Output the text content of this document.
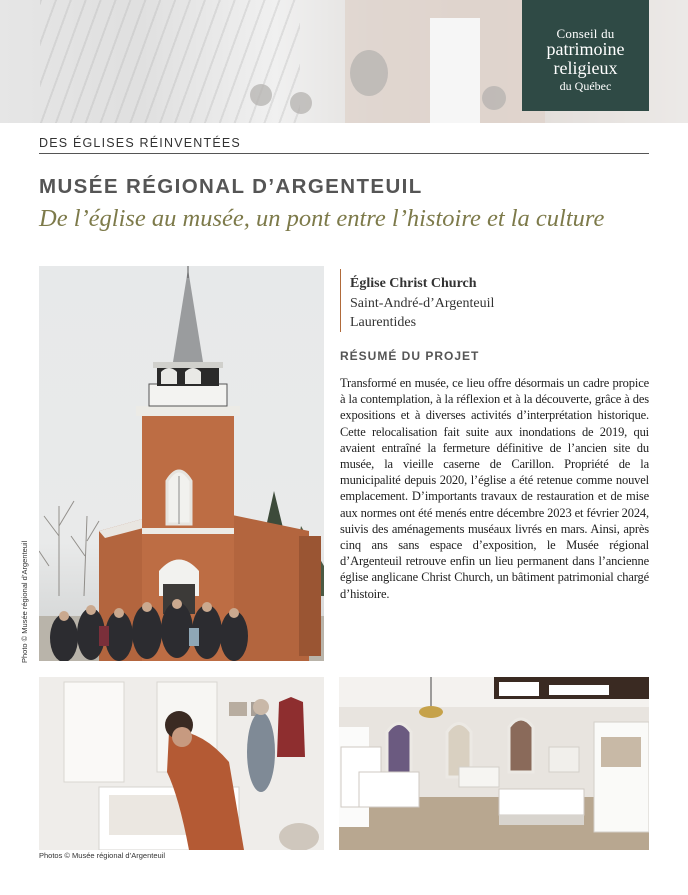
Conseil du
patrimoine
religieux
du Québec
DES ÉGLISES RÉINVENTÉES
MUSÉE RÉGIONAL D’ARGENTEUIL
De l’église au musée, un pont entre l’histoire et la culture
Photo © Musée régional d’Argenteuil
Église Christ Church
Saint-André-d’Argenteuil
Laurentides
RÉSUMÉ DU PROJET
Transformé en musée, ce lieu offre désormais un cadre propice à la contemplation, à la réflexion et à la découverte, grâce à des expositions et à diverses activités d’interprétation historique. Cette relocalisation fait suite aux inondations de 2019, qui avaient entraîné la fermeture définitive de l’ancien site du musée, la vieille caserne de Carillon. Propriété de la municipalité depuis 2020, l’église a été retenue comme nouvel emplacement. D’importants travaux de restauration et de mise aux normes ont été menés entre décembre 2023 et février 2024, suivis des aménagements muséaux livrés en mars. Ainsi, après cinq ans sans espace d’exposition, le Musée régional d’Argenteuil retrouve enfin un lieu permanent dans l’ancienne église anglicane Christ Church, un bâtiment patrimonial chargé d’histoire.
Photos © Musée régional d’Argenteuil
